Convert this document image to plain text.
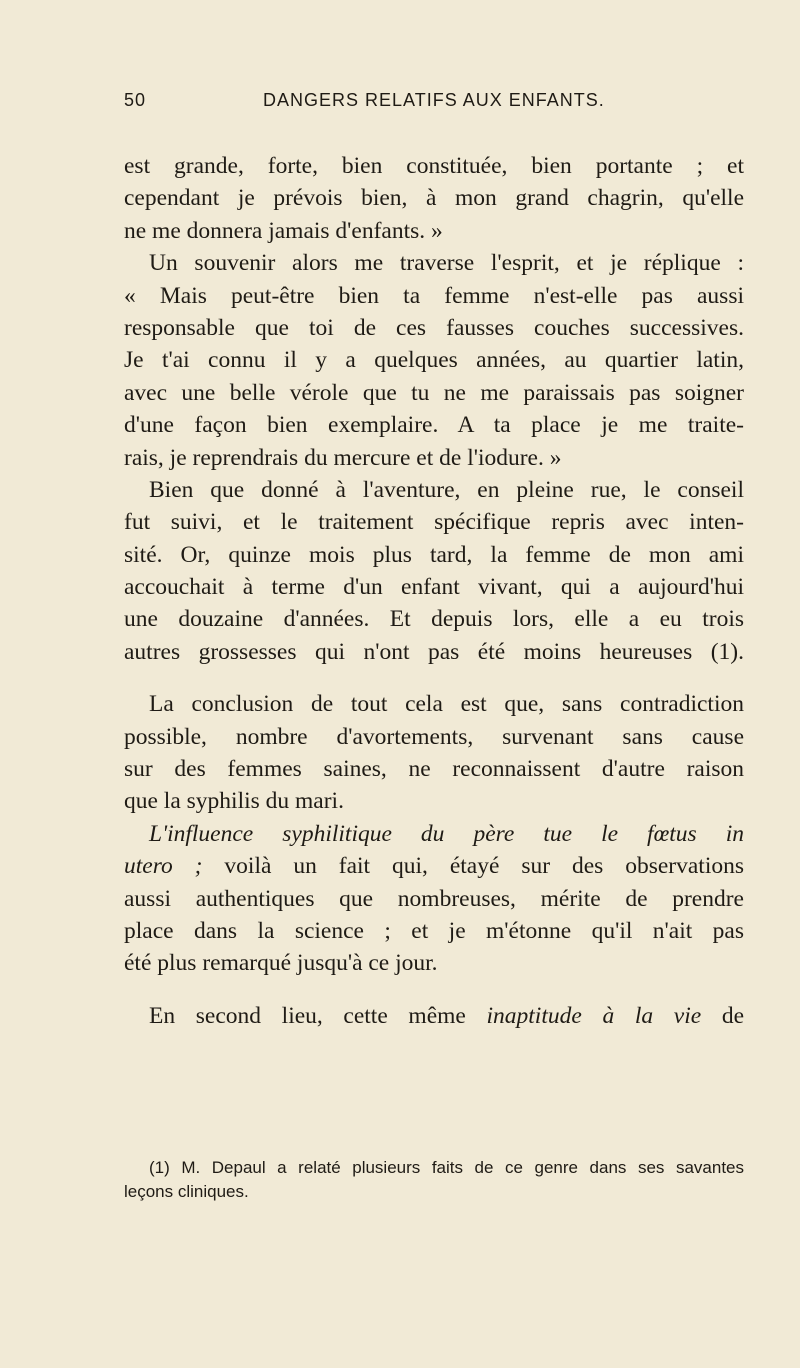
50	DANGERS RELATIFS AUX ENFANTS.
est grande, forte, bien constituée, bien portante ; et
cependant je prévois bien, à mon grand chagrin, qu'elle
ne me donnera jamais d'enfants. »
Un souvenir alors me traverse l'esprit, et je réplique :
« Mais peut-être bien ta femme n'est-elle pas aussi
responsable que toi de ces fausses couches successives.
Je t'ai connu il y a quelques années, au quartier latin,
avec une belle vérole que tu ne me paraissais pas soigner
d'une façon bien exemplaire. A ta place je me traite-
rais, je reprendrais du mercure et de l'iodure. »
Bien que donné à l'aventure, en pleine rue, le conseil
fut suivi, et le traitement spécifique repris avec inten-
sité. Or, quinze mois plus tard, la femme de mon ami
accouchait à terme d'un enfant vivant, qui a aujourd'hui
une douzaine d'années. Et depuis lors, elle a eu trois
autres grossesses qui n'ont pas été moins heureuses (1).
La conclusion de tout cela est que, sans contradiction
possible, nombre d'avortements, survenant sans cause
sur des femmes saines, ne reconnaissent d'autre raison
que la syphilis du mari.
L'influence syphilitique du père tue le fœtus in
utero ; voilà un fait qui, étayé sur des observations
aussi authentiques que nombreuses, mérite de prendre
place dans la science ; et je m'étonne qu'il n'ait pas
été plus remarqué jusqu'à ce jour.
En second lieu, cette même inaptitude à la vie de
(1) M. Depaul a relaté plusieurs faits de ce genre dans ses savantes
leçons cliniques.
